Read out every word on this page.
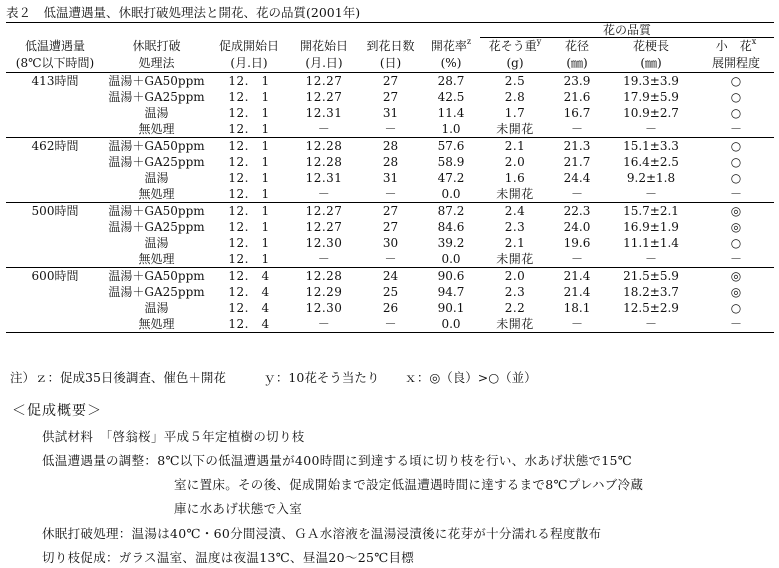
表２　低温遭遇量、休眠打破処理法と開花、花の品質(2001年)
						花の品質			
低温遭遇量	休眠打破	促成開始日	開花始日	到花日数	開花率$^z$	花そう重$^y$	花径	花梗長	小　花$^x$
(8℃以下時間)	処理法	(月.日)	(月.日)	(日)	(%)	(g)	(㎜)	(㎜)	展開程度
413時間	温湯＋GA50ppm	12.　1	12.27	27	28.7	2.5	23.9	19.3±3.9	○
	温湯＋GA25ppm	12.　1	12.27	27	42.5	2.8	21.6	17.9±5.9	○
	温湯	12.　1	12.31	31	11.4	1.7	16.7	10.9±2.7	○
	無処理	12.　1	－	－	1.0	未開花	－	－	－
462時間	温湯＋GA50ppm	12.　1	12.28	28	57.6	2.1	21.3	15.1±3.3	○
	温湯＋GA25ppm	12.　1	12.28	28	58.9	2.0	21.7	16.4±2.5	○
	温湯	12.　1	12.31	31	47.2	1.6	24.4	9.2±1.8	○
	無処理	12.　1	－	－	0.0	未開花	－	－	－
500時間	温湯＋GA50ppm	12.　1	12.27	27	87.2	2.4	22.3	15.7±2.1	◎
	温湯＋GA25ppm	12.　1	12.27	27	84.6	2.3	24.0	16.9±1.9	◎
	温湯	12.　1	12.30	30	39.2	2.1	19.6	11.1±1.4	○
	無処理	12.　1	－	－	0.0	未開花	－	－	－
600時間	温湯＋GA50ppm	12.　4	12.28	24	90.6	2.0	21.4	21.5±5.9	◎
	温湯＋GA25ppm	12.　4	12.29	25	94.7	2.3	21.4	18.2±3.7	◎
	温湯	12.　4	12.30	26	90.1	2.2	18.1	12.5±2.9	○
	無処理	12.　4	－	－	0.0	未開花	－	－	－
注）ｚ：促成35日後調査、催色＋開花　　　ｙ：10花そう当たり　　ｘ：◎（良）>○（並）
＜促成概要＞
供試材料　「啓翁桜」平成５年定植樹の切り枝
低温遭遇量の調整：8℃以下の低温遭遇量が400時間に到達する頃に切り枝を行い、水あげ状態で15℃
室に置床。その後、促成開始まで設定低温遭遇時間に達するまで8℃プレハブ冷蔵
庫に水あげ状態で入室
休眠打破処理：温湯は40℃・60分間浸漬、ＧＡ水溶液を温湯浸漬後に花芽が十分濡れる程度散布
切り枝促成：ガラス温室、温度は夜温13℃、昼温20～25℃目標
